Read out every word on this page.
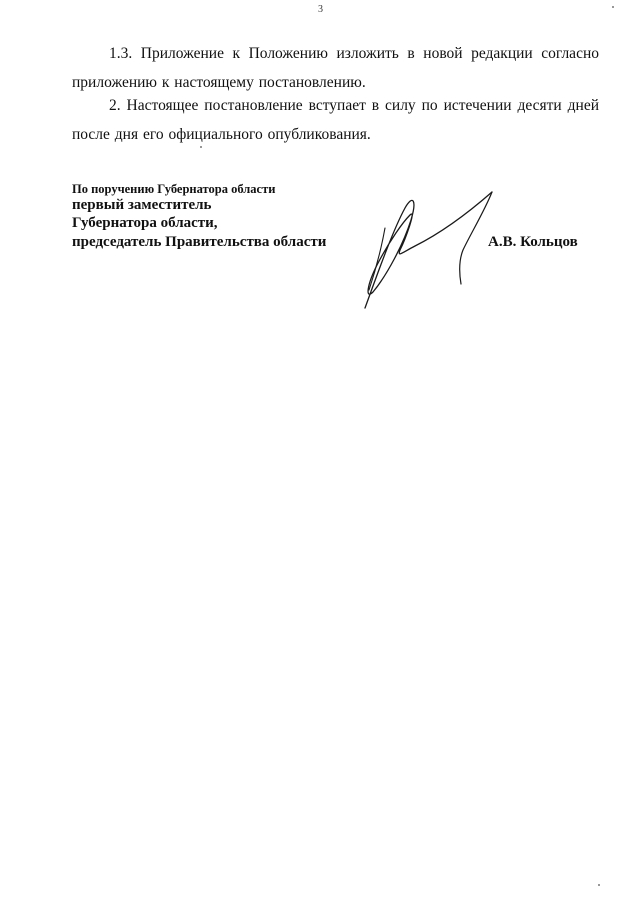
3
1.3. Приложение к Положению изложить в новой редакции согласно приложению к настоящему постановлению.
2. Настоящее постановление вступает в силу по истечении десяти дней после дня его официального опубликования.
По поручению Губернатора области
первый заместитель
Губернатора области,
председатель Правительства области	А.В. Кольцов
